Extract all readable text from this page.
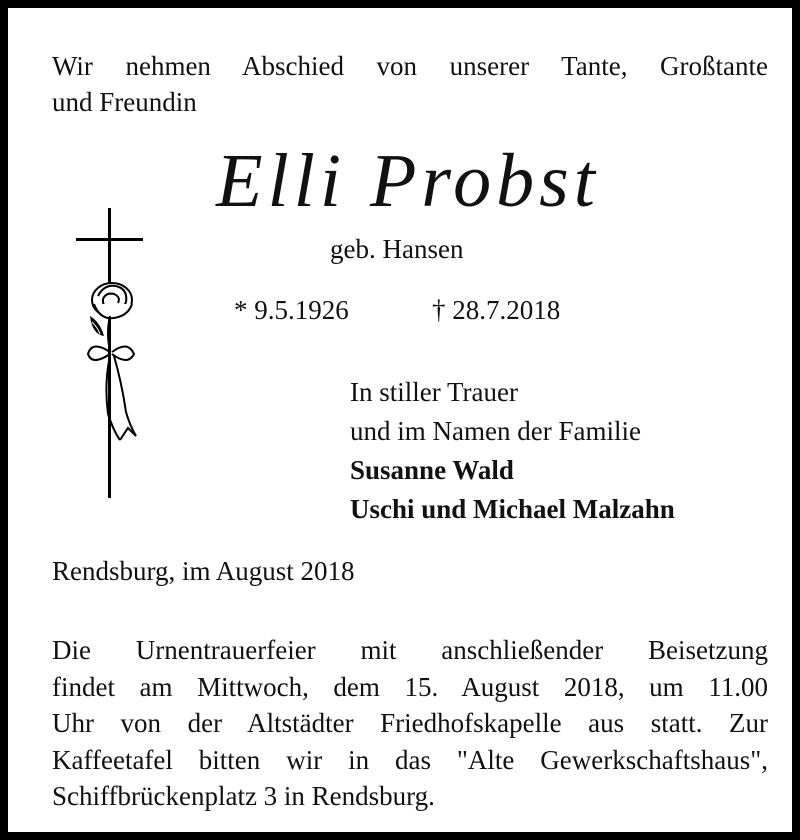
Wir nehmen Abschied von unserer Tante, Großtante
und Freundin
Elli Probst
geb. Hansen
* 9.5.1926	† 28.7.2018
In stiller Trauer
und im Namen der Familie
Susanne Wald
Uschi und Michael Malzahn
Rendsburg, im August 2018
Die Urnentrauerfeier mit anschließender Beisetzung
findet am Mittwoch, dem 15. August 2018, um 11.00
Uhr von der Altstädter Friedhofskapelle aus statt. Zur
Kaffeetafel bitten wir in das "Alte Gewerkschaftshaus",
Schiffbrückenplatz 3 in Rendsburg.
